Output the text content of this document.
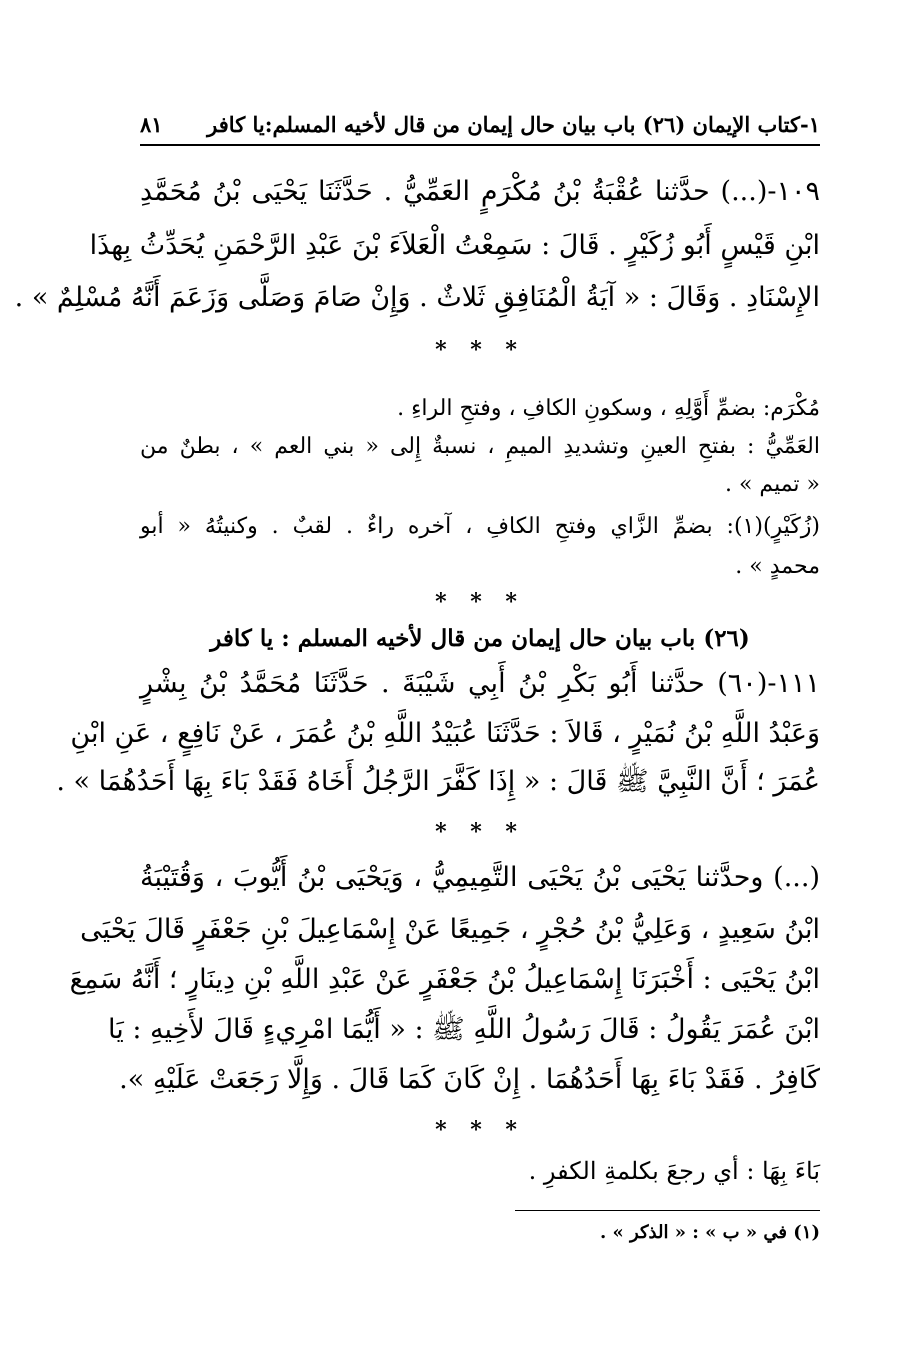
١-كتاب الإيمان (٢٦) باب بيان حال إيمان من قال لأخيه المسلم:يا كافر
٨١
١٠٩-(...) حدَّثنا عُقْبَةُ بْنُ مُكْرَمٍ العَمِّيُّ . حَدَّثَنَا يَحْيَى بْنُ مُحَمَّدِ
ابْنِ قَيْسٍ أَبُو زُكَيْرٍ . قَالَ : سَمِعْتُ الْعَلاَءَ بْنَ عَبْدِ الرَّحْمَنِ يُحَدِّثُ بِهذَا
الإِسْنَادِ . وَقَالَ : « آيَةُ الْمُنَافِقِ ثَلاثٌ . وَإِنْ صَامَ وَصَلَّى وَزَعَمَ أَنَّهُ مُسْلِمٌ » .
* * *
مُكْرَم: بضمِّ أَوَّلِهِ ، وسكونِ الكافِ ، وفتحِ الراءِ .
العَمِّيُّ : بفتحِ العينِ وتشديدِ الميمِ ، نسبةٌ إِلى « بني العم » ، بطنٌ من
« تميم » .
(زُكَيْرٍ)(١): بضمِّ الزَّاي وفتحِ الكافِ ، آخره راءٌ . لقبٌ . وكنيتُهُ « أبو
محمدٍ » .
* * *
(٢٦) باب بيان حال إيمان من قال لأخيه المسلم : يا كافر
١١١-(٦٠) حدَّثنا أَبُو بَكْرِ بْنُ أَبِي شَيْبَةَ . حَدَّثَنَا مُحَمَّدُ بْنُ بِشْرٍ
وَعَبْدُ اللَّهِ بْنُ نُمَيْرٍ ، قَالاَ : حَدَّثَنَا عُبَيْدُ اللَّهِ بْنُ عُمَرَ ، عَنْ نَافِعٍ ، عَنِ ابْنِ
عُمَرَ ؛ أَنَّ النَّبِيَّ ﷺ قَالَ : « إِذَا كَفَّرَ الرَّجُلُ أَخَاهُ فَقَدْ بَاءَ بِهَا أَحَدُهُمَا » .
* * *
(...) وحدَّثنا يَحْيَى بْنُ يَحْيَى التَّمِيمِيُّ ، وَيَحْيَى بْنُ أَيُّوبَ ، وَقُتَيْبَةُ
ابْنُ سَعِيدٍ ، وَعَلِيُّ بْنُ حُجْرٍ ، جَمِيعًا عَنْ إِسْمَاعِيلَ بْنِ جَعْفَرٍ قَالَ يَحْيَى
ابْنُ يَحْيَى : أَخْبَرَنَا إِسْمَاعِيلُ بْنُ جَعْفَرٍ عَنْ عَبْدِ اللَّهِ بْنِ دِينَارٍ ؛ أَنَّهُ سَمِعَ
ابْنَ عُمَرَ يَقُولُ : قَالَ رَسُولُ اللَّهِ ﷺ : « أَيُّمَا امْرِيءٍ قَالَ لأَخِيهِ : يَا
كَافِرُ . فَقَدْ بَاءَ بِهَا أَحَدُهُمَا . إِنْ كَانَ كَمَا قَالَ . وَإِلَّا رَجَعَتْ عَلَيْهِ ».
* * *
بَاءَ بِهَا : أي رجعَ بكلمةِ الكفرِ .
(١) في « ب » : « الذكر » .
